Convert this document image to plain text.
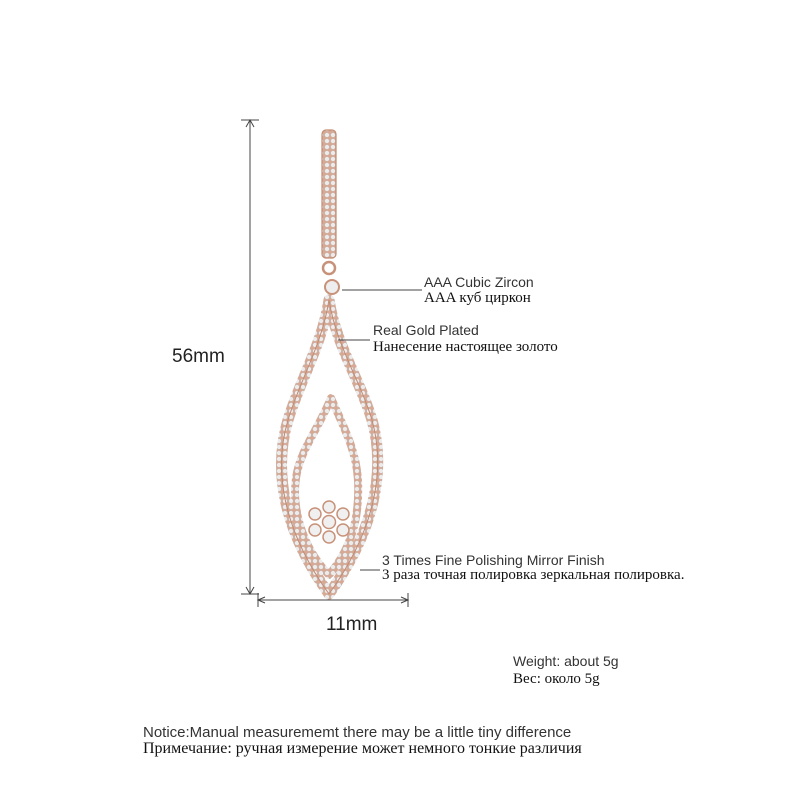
56mm
11mm
AAA Cubic Zircon
AAA куб циркон
Real Gold Plated
Нанесение настоящее золото
3 Times Fine Polishing Mirror Finish
3 раза точная полировка зеркальная полировка.
Weight: about 5g
Вес: около 5g
Notice:Manual measurememt there may be a little tiny difference
Примечание: ручная измерение может немного тонкие различия
